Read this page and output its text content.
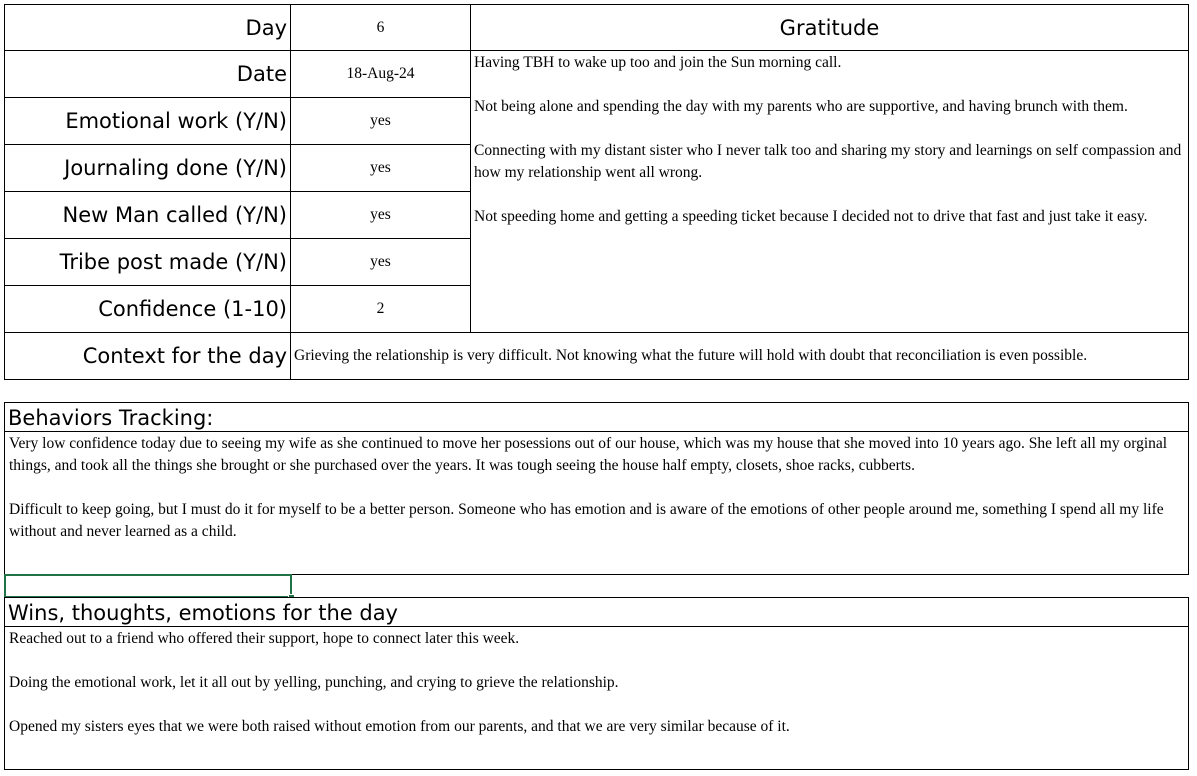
Day
Date
Emotional work (Y/N)
Journaling done (Y/N)
New Man called (Y/N)
Tribe post made (Y/N)
Confidence (1-10)
6
18-Aug-24
yes
yes
yes
yes
2
Gratitude

Having TBH to wake up too and join the Sun morning call.

Not being alone and spending the day with my parents who are supportive, and having brunch with them.

Connecting with my distant sister who I never talk too and sharing my story and learnings on self compassion and how my relationship went all wrong.

Not speeding home and getting a speeding ticket because I decided not to drive that fast and just take it easy.

Context for the day Grieving the relationship is very difficult. Not knowing what the future will hold with doubt that reconciliation is even possible.
Behaviors Tracking:

Very low confidence today due to seeing my wife as she continued to move her posessions out of our house, which was my house that she moved into 10 years ago. She left all my orginal things, and took all the things she brought or she purchased over the years. It was tough seeing the house half empty, closets, shoe racks, cubberts.

Difficult to keep going, but I must do it for myself to be a better person. Someone who has emotion and is aware of the emotions of other people around me, something I spend all my life without and never learned as a child.

Wins, thoughts, emotions for the day

Reached out to a friend who offered their support, hope to connect later this week.

Doing the emotional work, let it all out by yelling, punching, and crying to grieve the relationship.

Opened my sisters eyes that we were both raised without emotion from our parents, and that we are very similar because of it.
